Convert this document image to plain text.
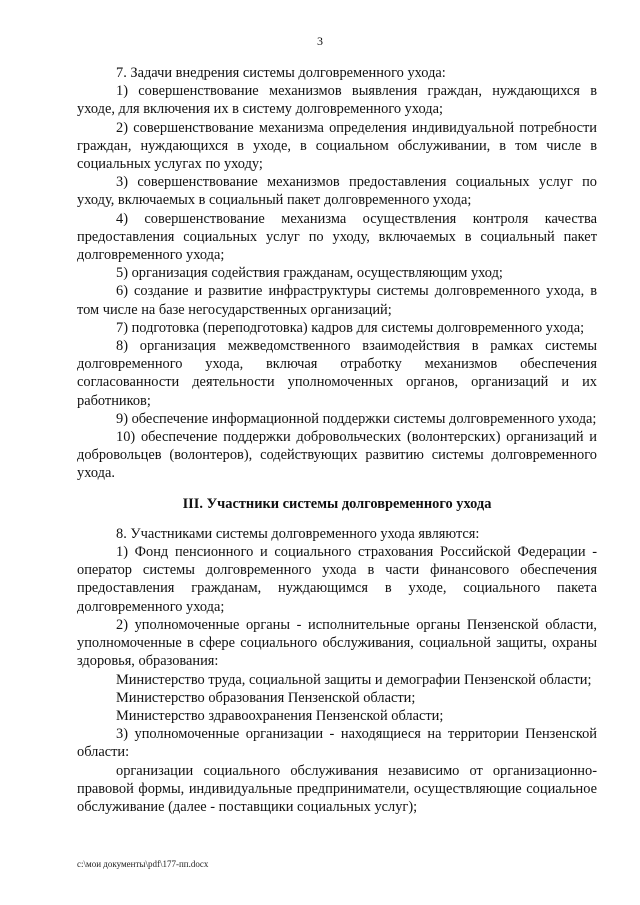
3

7. Задачи внедрения системы долговременного ухода:

1) совершенствование механизмов выявления граждан, нуждающихся в уходе, для включения их в систему долговременного ухода;

2) совершенствование механизма определения индивидуальной потребности граждан, нуждающихся в уходе, в социальном обслуживании, в том числе в социальных услугах по уходу;

3) совершенствование механизмов предоставления социальных услуг по уходу, включаемых в социальный пакет долговременного ухода;

4) совершенствование механизма осуществления контроля качества предоставления социальных услуг по уходу, включаемых в социальный пакет долговременного ухода;

5) организация содействия гражданам, осуществляющим уход;

6) создание и развитие инфраструктуры системы долговременного ухода, в том числе на базе негосударственных организаций;

7) подготовка (переподготовка) кадров для системы долговременного ухода;

8) организация межведомственного взаимодействия в рамках системы долговременного ухода, включая отработку механизмов обеспечения согласованности деятельности уполномоченных органов, организаций и их работников;

9) обеспечение информационной поддержки системы долговременного ухода;

10) обеспечение поддержки добровольческих (волонтерских) организаций и добровольцев (волонтеров), содействующих развитию системы долговременного ухода.

III. Участники системы долговременного ухода

8. Участниками системы долговременного ухода являются:

1) Фонд пенсионного и социального страхования Российской Федерации - оператор системы долговременного ухода в части финансового обеспечения предоставления гражданам, нуждающимся в уходе, социального пакета долговременного ухода;

2) уполномоченные органы - исполнительные органы Пензенской области, уполномоченные в сфере социального обслуживания, социальной защиты, охраны здоровья, образования:

Министерство труда, социальной защиты и демографии Пензенской области;

Министерство образования Пензенской области;

Министерство здравоохранения Пензенской области;

3) уполномоченные организации - находящиеся на территории Пензенской области:

организации социального обслуживания независимо от организационно-правовой формы, индивидуальные предприниматели, осуществляющие социальное обслуживание (далее - поставщики социальных услуг);

c:\мои документы\pdf\177-пп.docx
